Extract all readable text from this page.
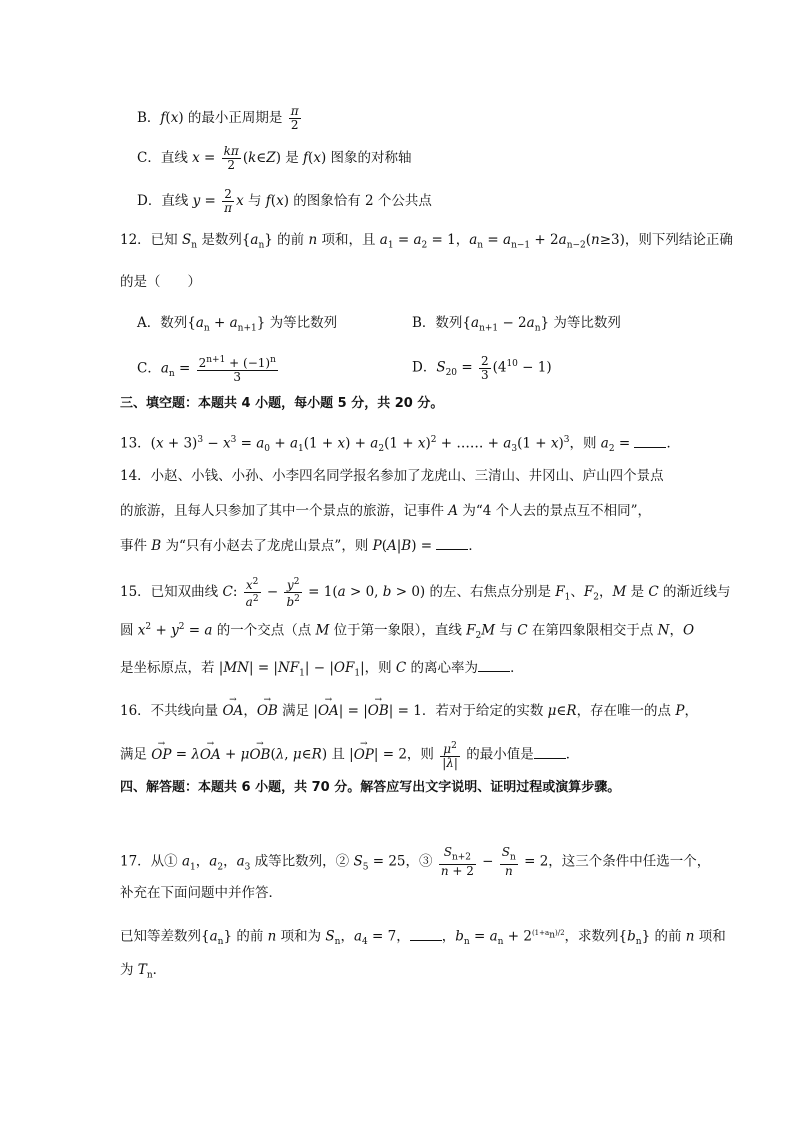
B．f(x) 的最小正周期是 $\frac{\pi}{2}$
C．直线 $x = \frac{k\pi}{2}$ (k∈Z) 是 f(x) 图象的对称轴
D．直线 $y = \frac{2}{\pi}$ x 与 f(x) 的图象恰有 2 个公共点
12．已知 $S_n$ 是数列$\{a_n\}$ 的前 n 项和，且 $a_1 = a_2 = 1$，$a_n = a_{n-1} + 2a_{n-2}(n\ge 3)$，则下列结论正确
的是（　　）
A．数列$\{a_n + a_{n+1}\}$ 为等比数列	B．数列$\{a_{n+1} - 2a_n\}$ 为等比数列
C．$a_n = \frac{2^{n+1} + (-1)^n}{3}$	D．$S_{20} = \frac{2}{3} (4^{10} - 1)$
三、填空题：本题共 4 小题，每小题 5 分，共 20 分。
13．$(x + 3)^3 - x^3 = a_0 + a_1(1 + x) + a_2(1 + x)^2$ + …… + $a_3(1 + x)^3$，则 $a_2$ = ．
14．小赵、小钱、小孙、小李四名同学报名参加了龙虎山、三清山、井冈山、庐山四个景点
的旅游，且每人只参加了其中一个景点的旅游，记事件 A 为“4 个人去的景点互不相同”，
事件 B 为“只有小赵去了龙虎山景点”，则 P(A|B) = ．
15．已知双曲线 C: $\frac{x^2}{a^2} - \frac{y^2}{b^2} = 1(a > 0$, b > 0) 的左、右焦点分别是 $F_1$、$F_2$，M 是 C 的渐近线与
圆 $x^2 + y^2 = a$ 的一个交点（点 M 位于第一象限），直线 $F_2M$ 与 C 在第四象限相交于点 N，O
是坐标原点，若 $|MN| = |NF_1| - |OF_1|$，则 C 的离心率为 ．
16．不共线向量 → OA，→ OB 满足 |→ OA| = |→ OB| = 1．若对于给定的实数 μ∈R，存在唯一的点 P，
满足 → OP = λ→ OA + μ→ OB(λ, μ∈R) 且 |→ OP| = 2，则 $\frac{\mu^2}{|\lambda|}$ 的最小值是 ．
四、解答题：本题共 6 小题，共 70 分。解答应写出文字说明、证明过程或演算步骤。
17．从① $a_1$，$a_2$，$a_3$ 成等比数列，② $S_5 = 25$，③ $\frac{S_{n+2}}{n + 2} - \frac{S_n}{n} = 2$，这三个条件中任选一个，
补充在下面问题中并作答．
已知等差数列$\{a_n\}$ 的前 n 项和为 $S_n$，$a_4 = 7$， ，$b_n = a_n + 2^{(1+a_n)/2}$，求数列$\{b_n\}$ 的前 n 项和
为 $T_n$．
